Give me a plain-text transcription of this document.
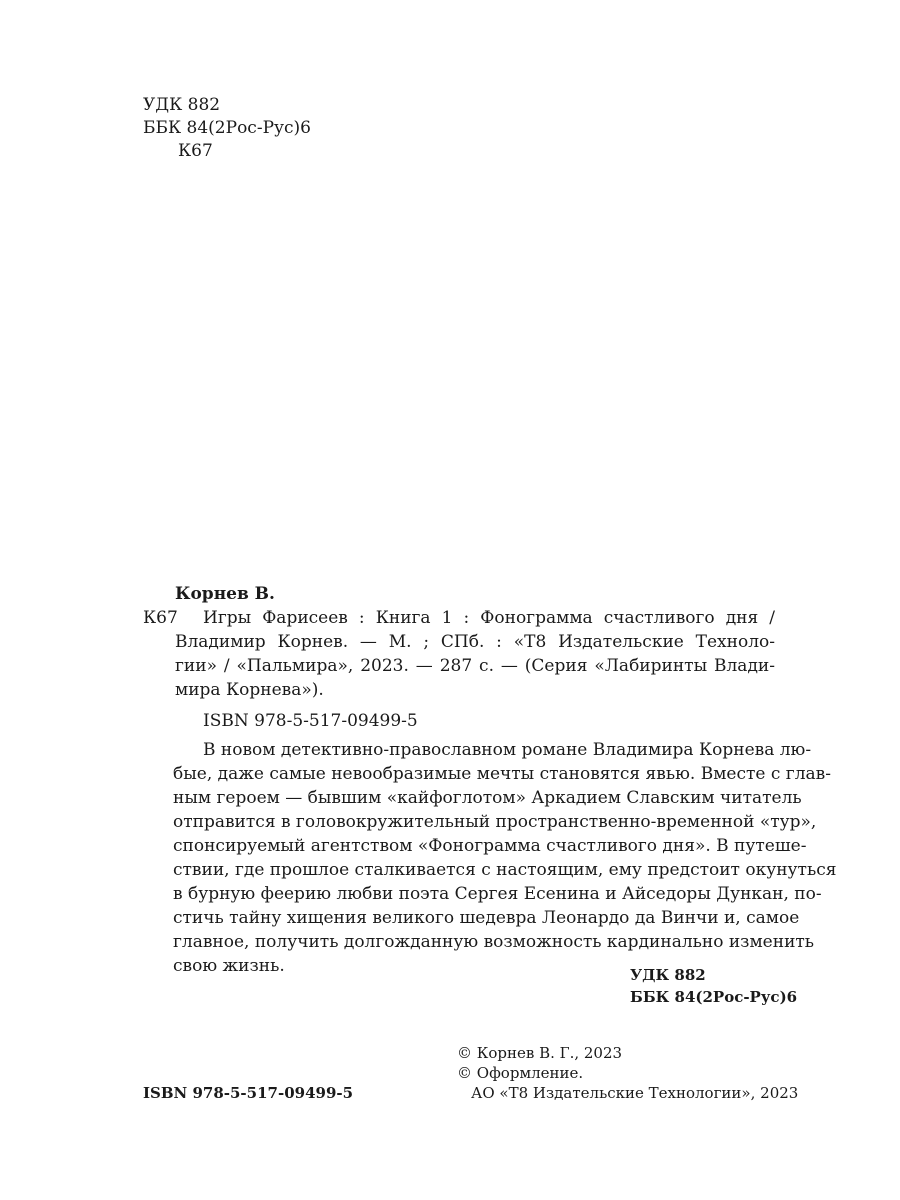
УДК 882
ББК 84(2Рос-Рус)6
К67
Корнев В.
К67 Игры Фарисеев : Книга 1 : Фонограмма счастливого дня /
Владимир Корнев. — М. ; СПб. : «Т8 Издательские Техноло-
гии» / «Пальмира», 2023. — 287 с. — (Серия «Лабиринты Влади-
мира Корнева»).
ISBN 978-5-517-09499-5
В новом детективно-православном романе Владимира Корнева лю-
бые, даже самые невообразимые мечты становятся явью. Вместе с глав-
ным героем — бывшим «кайфоглотом» Аркадием Славским читатель
отправится в головокружительный пространственно-временной «тур»,
спонсируемый агентством «Фонограмма счастливого дня». В путеше-
ствии, где прошлое сталкивается с настоящим, ему предстоит окунуться
в бурную феерию любви поэта Сергея Есенина и Айседоры Дункан, по-
стичь тайну хищения великого шедевра Леонардо да Винчи и, самое
главное, получить долгожданную возможность кардинально изменить
свою жизнь.	УДК 882
ББК 84(2Рос-Рус)6
© Корнев В. Г., 2023
© Оформление.
АО «Т8 Издательские Технологии», 2023
ISBN 978-5-517-09499-5
